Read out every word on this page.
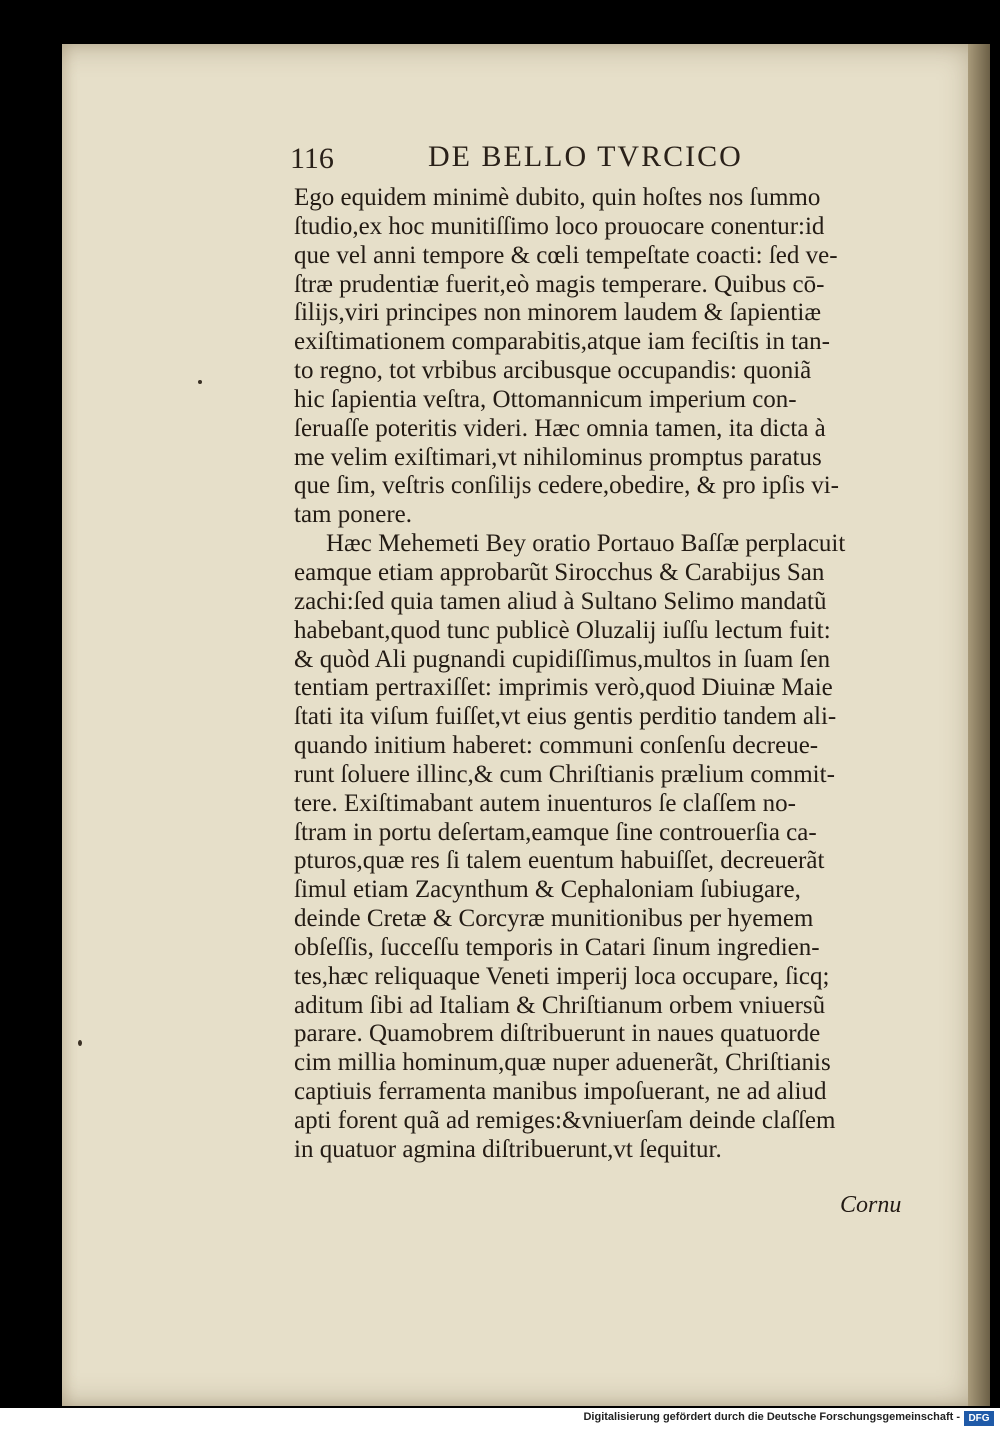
116	DE BELLO TVRCICO
Ego equidem minimè dubito, quin hoſtes nos ſummo
ſtudio,ex hoc munitiſſimo loco prouocare conentur:id
que vel anni tempore & cœli tempeſtate coacti: ſed ve-
ſtræ prudentiæ fuerit,eò magis temperare. Quibus cō-
ſilijs,viri principes non minorem laudem & ſapientiæ
exiſtimationem comparabitis,atque iam feciſtis in tan-
to regno, tot vrbibus arcibusque occupandis: quoniã
hic ſapientia veſtra, Ottomannicum imperium con-
ſeruaſſe poteritis videri. Hæc omnia tamen, ita dicta à
me velim exiſtimari,vt nihilominus promptus paratus
que ſim, veſtris conſilijs cedere,obedire, & pro ipſis vi-
tam ponere.
Hæc Mehemeti Bey oratio Portauo Baſſæ perplacuit
eamque etiam approbarũt Sirocchus & Carabijus San
zachi:ſed quia tamen aliud à Sultano Selimo mandatũ
habebant,quod tunc publicè Oluzalij iuſſu lectum fuit:
& quòd Ali pugnandi cupidiſſimus,multos in ſuam ſen
tentiam pertraxiſſet: imprimis verò,quod Diuinæ Maie
ſtati ita viſum fuiſſet,vt eius gentis perditio tandem ali-
quando initium haberet: communi conſenſu decreue-
runt ſoluere illinc,& cum Chriſtianis prælium commit-
tere. Exiſtimabant autem inuenturos ſe claſſem no-
ſtram in portu deſertam,eamque ſine controuerſia ca-
pturos,quæ res ſi talem euentum habuiſſet, decreuerãt
ſimul etiam Zacynthum & Cephaloniam ſubiugare,
deinde Cretæ & Corcyræ munitionibus per hyemem
obſeſſis, ſucceſſu temporis in Catari ſinum ingredien-
tes,hæc reliquaque Veneti imperij loca occupare, ſicq;
aditum ſibi ad Italiam & Chriſtianum orbem vniuersũ
parare. Quamobrem diſtribuerunt in naues quatuorde
cim millia hominum,quæ nuper aduenerãt, Chriſtianis
captiuis ferramenta manibus impoſuerant, ne ad aliud
apti forent quã ad remiges:&vniuerſam deinde claſſem
in quatuor agmina diſtribuerunt,vt ſequitur.
Cornu
Digitalisierung gefördert durch die Deutsche Forschungsgemeinschaft - DFG
